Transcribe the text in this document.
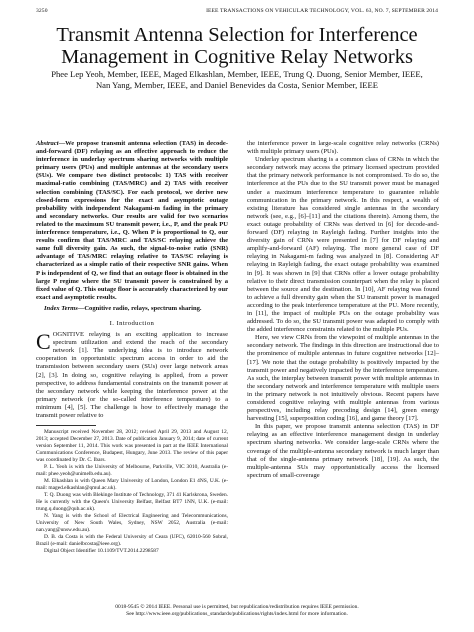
3250	IEEE TRANSACTIONS ON VEHICULAR TECHNOLOGY, VOL. 63, NO. 7, SEPTEMBER 2014
Transmit Antenna Selection for Interference Management in Cognitive Relay Networks
Phee Lep Yeoh, Member, IEEE, Maged Elkashlan, Member, IEEE, Trung Q. Duong, Senior Member, IEEE,
Nan Yang, Member, IEEE, and Daniel Benevides da Costa, Senior Member, IEEE

Abstract—We propose transmit antenna selection (TAS) in decode-and-forward (DF) relaying as an effective approach to reduce the interference in underlay spectrum sharing networks with multiple primary users (PUs) and multiple antennas at the secondary users (SUs). We compare two distinct protocols: 1) TAS with receiver maximal-ratio combining (TAS/MRC) and 2) TAS with receiver selection combining (TAS/SC). For each protocol, we derive new closed-form expressions for the exact and asymptotic outage probability with independent Nakagami-m fading in the primary and secondary networks. Our results are valid for two scenarios related to the maximum SU transmit power, i.e., P, and the peak PU interference temperature, i.e., Q. When P is proportional to Q, our results confirm that TAS/MRC and TAS/SC relaying achieve the same full diversity gain. As such, the signal-to-noise ratio (SNR) advantage of TAS/MRC relaying relative to TAS/SC relaying is characterized as a simple ratio of their respective SNR gains. When P is independent of Q, we find that an outage floor is obtained in the large P regime where the SU transmit power is constrained by a fixed value of Q. This outage floor is accurately characterized by our exact and asymptotic results.

Index Terms—Cognitive radio, relays, spectrum sharing.

I. Introduction

COGNITIVE relaying is an exciting application to increase spectrum utilization and extend the reach of the secondary network [1]. The underlying idea is to introduce network cooperation in opportunistic spectrum access in order to aid the transmission between secondary users (SUs) over large network areas [2], [3]. In doing so, cognitive relaying is applied, from a power perspective, to address fundamental constraints on the transmit power at the secondary network while keeping the interference power at the primary network (or the so-called interference temperature) to a minimum [4], [5]. The challenge is how to effectively manage the transmit power relative to

Manuscript received November 28, 2012; revised April 29, 2013 and August 12, 2013; accepted December 27, 2013. Date of publication January 9, 2014; date of current version September 11, 2014. This work was presented in part at the IEEE International Communications Conference, Budapest, Hungary, June 2013. The review of this paper was coordinated by Dr. C. Ibars.

P. L. Yeoh is with the University of Melbourne, Parkville, VIC 3010, Australia (e-mail: phee.yeoh@unimelb.edu.au).

M. Elkashlan is with Queen Mary University of London, London E1 4NS, U.K. (e-mail: maged.elkashlan@qmul.ac.uk).

T. Q. Duong was with Blekinge Institute of Technology, 371 41 Karlskrona, Sweden. He is currently with the Queen's University Belfast, Belfast BT7 1NN, U.K. (e-mail: trung.q.duong@qub.ac.uk).

N. Yang is with the School of Electrical Engineering and Telecommunications, University of New South Wales, Sydney, NSW 2052, Australia (e-mail: nan.yang@unsw.edu.au).

D. B. da Costa is with the Federal University of Ceara (UFC), 62010-560 Sobral, Brazil (e-mail: danielbcosta@ieee.org).

Digital Object Identifier 10.1109/TVT.2014.2298587

the interference power in large-scale cognitive relay networks (CRNs) with multiple primary users (PUs).

Underlay spectrum sharing is a common class of CRNs in which the secondary network may access the primary licensed spectrum provided that the primary network performance is not compromised. To do so, the interference at the PUs due to the SU transmit power must be managed under a maximum interference temperature to guarantee reliable communication in the primary network. In this respect, a wealth of existing literature has considered single antennas in the secondary network (see, e.g., [6]–[11] and the citations therein). Among them, the exact outage probability of CRNs was derived in [6] for decode-and-forward (DF) relaying in Rayleigh fading. Further insights into the diversity gain of CRNs were presented in [7] for DF relaying and amplify-and-forward (AF) relaying. The more general case of DF relaying in Nakagami-m fading was analyzed in [8]. Considering AF relaying in Rayleigh fading, the exact outage probability was examined in [9]. It was shown in [9] that CRNs offer a lower outage probability relative to their direct transmission counterpart when the relay is placed between the source and the destination. In [10], AF relaying was found to achieve a full diversity gain when the SU transmit power is managed according to the peak interference temperature at the PU. More recently, in [11], the impact of multiple PUs on the outage probability was addressed. To do so, the SU transmit power was adapted to comply with the added interference constraints related to the multiple PUs.

Here, we view CRNs from the viewpoint of multiple antennas in the secondary network. The findings in this direction are instructional due to the prominence of multiple antennas in future cognitive networks [12]–[17]. We note that the outage probability is positively impacted by the transmit power and negatively impacted by the interference temperature. As such, the interplay between transmit power with multiple antennas in the secondary network and interference temperature with multiple users in the primary network is not intuitively obvious. Recent papers have considered cognitive relaying with multiple antennas from various perspectives, including relay precoding design [14], green energy harvesting [15], superposition coding [16], and game theory [17].

In this paper, we propose transmit antenna selection (TAS) in DF relaying as an effective interference management design in underlay spectrum sharing networks. We consider large-scale CRNs where the coverage of the multiple-antenna secondary network is much larger than that of the single-antenna primary network [18], [19]. As such, the multiple-antenna SUs may opportunistically access the licensed spectrum of small-coverage

0018-9545 © 2014 IEEE. Personal use is permitted, but republication/redistribution requires IEEE permission.
See http://www.ieee.org/publications_standards/publications/rights/index.html for more information.
